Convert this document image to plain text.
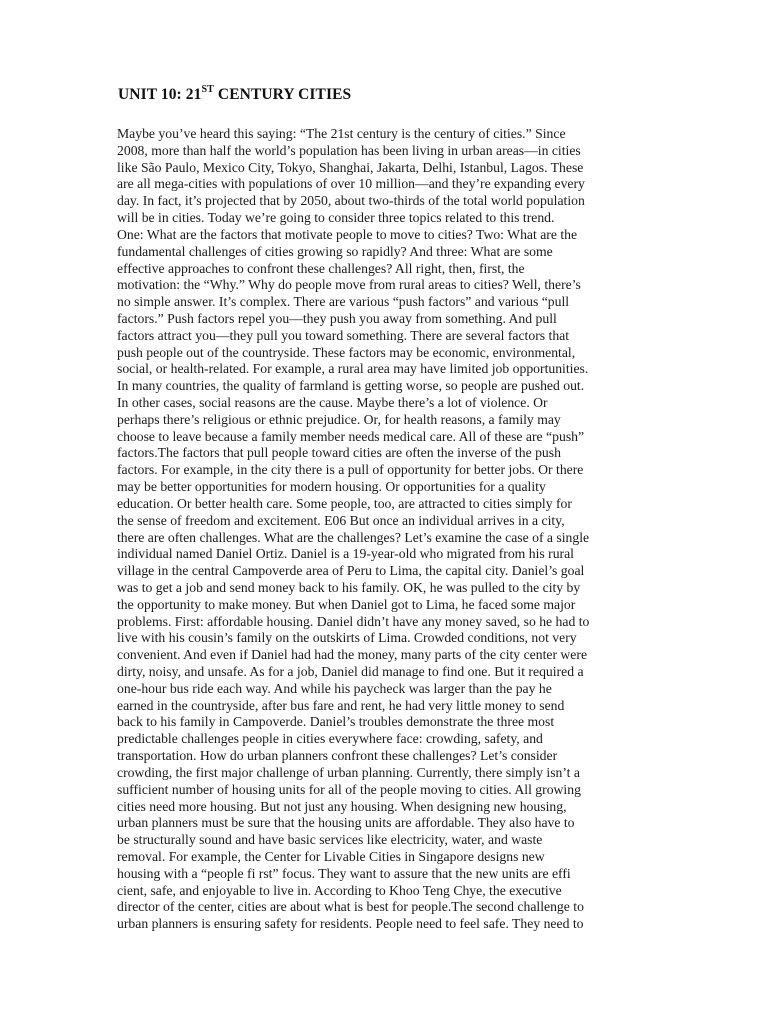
UNIT 10: 21ST CENTURY CITIES
Maybe you’ve heard this saying: “The 21st century is the century of cities.” Since
2008, more than half the world’s population has been living in urban areas—in cities
like São Paulo, Mexico City, Tokyo, Shanghai, Jakarta, Delhi, Istanbul, Lagos. These
are all mega-cities with populations of over 10 million—and they’re expanding every
day. In fact, it’s projected that by 2050, about two-thirds of the total world population
will be in cities. Today we’re going to consider three topics related to this trend.
One: What are the factors that motivate people to move to cities? Two: What are the
fundamental challenges of cities growing so rapidly? And three: What are some
effective approaches to confront these challenges? All right, then, first, the
motivation: the “Why.” Why do people move from rural areas to cities? Well, there’s
no simple answer. It’s complex. There are various “push factors” and various “pull
factors.” Push factors repel you—they push you away from something. And pull
factors attract you—they pull you toward something. There are several factors that
push people out of the countryside. These factors may be economic, environmental,
social, or health-related. For example, a rural area may have limited job opportunities.
In many countries, the quality of farmland is getting worse, so people are pushed out.
In other cases, social reasons are the cause. Maybe there’s a lot of violence. Or
perhaps there’s religious or ethnic prejudice. Or, for health reasons, a family may
choose to leave because a family member needs medical care. All of these are “push”
factors.The factors that pull people toward cities are often the inverse of the push
factors. For example, in the city there is a pull of opportunity for better jobs. Or there
may be better opportunities for modern housing. Or opportunities for a quality
education. Or better health care. Some people, too, are attracted to cities simply for
the sense of freedom and excitement. E06 But once an individual arrives in a city,
there are often challenges. What are the challenges? Let’s examine the case of a single
individual named Daniel Ortiz. Daniel is a 19-year-old who migrated from his rural
village in the central Campoverde area of Peru to Lima, the capital city. Daniel’s goal
was to get a job and send money back to his family. OK, he was pulled to the city by
the opportunity to make money. But when Daniel got to Lima, he faced some major
problems. First: affordable housing. Daniel didn’t have any money saved, so he had to
live with his cousin’s family on the outskirts of Lima. Crowded conditions, not very
convenient. And even if Daniel had had the money, many parts of the city center were
dirty, noisy, and unsafe. As for a job, Daniel did manage to find one. But it required a
one-hour bus ride each way. And while his paycheck was larger than the pay he
earned in the countryside, after bus fare and rent, he had very little money to send
back to his family in Campoverde. Daniel’s troubles demonstrate the three most
predictable challenges people in cities everywhere face: crowding, safety, and
transportation. How do urban planners confront these challenges? Let’s consider
crowding, the first major challenge of urban planning. Currently, there simply isn’t a
sufficient number of housing units for all of the people moving to cities. All growing
cities need more housing. But not just any housing. When designing new housing,
urban planners must be sure that the housing units are affordable. They also have to
be structurally sound and have basic services like electricity, water, and waste
removal. For example, the Center for Livable Cities in Singapore designs new
housing with a “people fi rst” focus. They want to assure that the new units are effi
cient, safe, and enjoyable to live in. According to Khoo Teng Chye, the executive
director of the center, cities are about what is best for people.The second challenge to
urban planners is ensuring safety for residents. People need to feel safe. They need to
